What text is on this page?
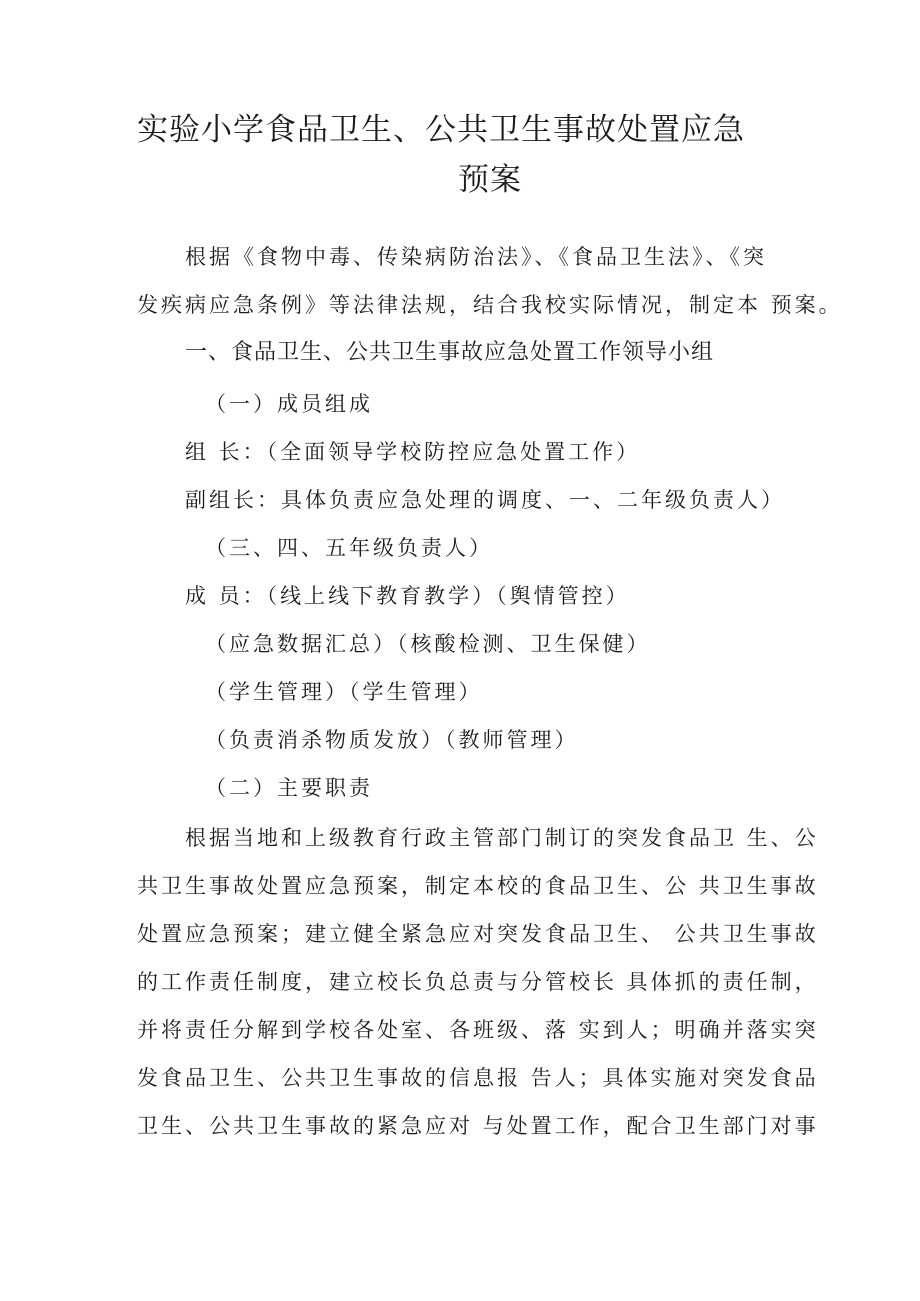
实验小学食品卫生、公共卫生事故处置应急
预案
根据《食物中毒、传染病防治法》、《食品卫生法》、《突
发疾病应急条例》等法律法规，结合我校实际情况，制定本 预案。
一、食品卫生、公共卫生事故应急处置工作领导小组
（一）成员组成
组 长：（全面领导学校防控应急处置工作）
副组长：具体负责应急处理的调度、一、二年级负责人）
（三、四、五年级负责人）
成 员：（线上线下教育教学）（舆情管控）
（应急数据汇总）（核酸检测、卫生保健）
（学生管理）（学生管理）
（负责消杀物质发放）（教师管理）
（二）主要职责
根据当地和上级教育行政主管部门制订的突发食品卫 生、公
共卫生事故处置应急预案，制定本校的食品卫生、公 共卫生事故
处置应急预案；建立健全紧急应对突发食品卫生、 公共卫生事故
的工作责任制度，建立校长负总责与分管校长 具体抓的责任制，
并将责任分解到学校各处室、各班级、落 实到人；明确并落实突
发食品卫生、公共卫生事故的信息报 告人；具体实施对突发食品
卫生、公共卫生事故的紧急应对 与处置工作，配合卫生部门对事
